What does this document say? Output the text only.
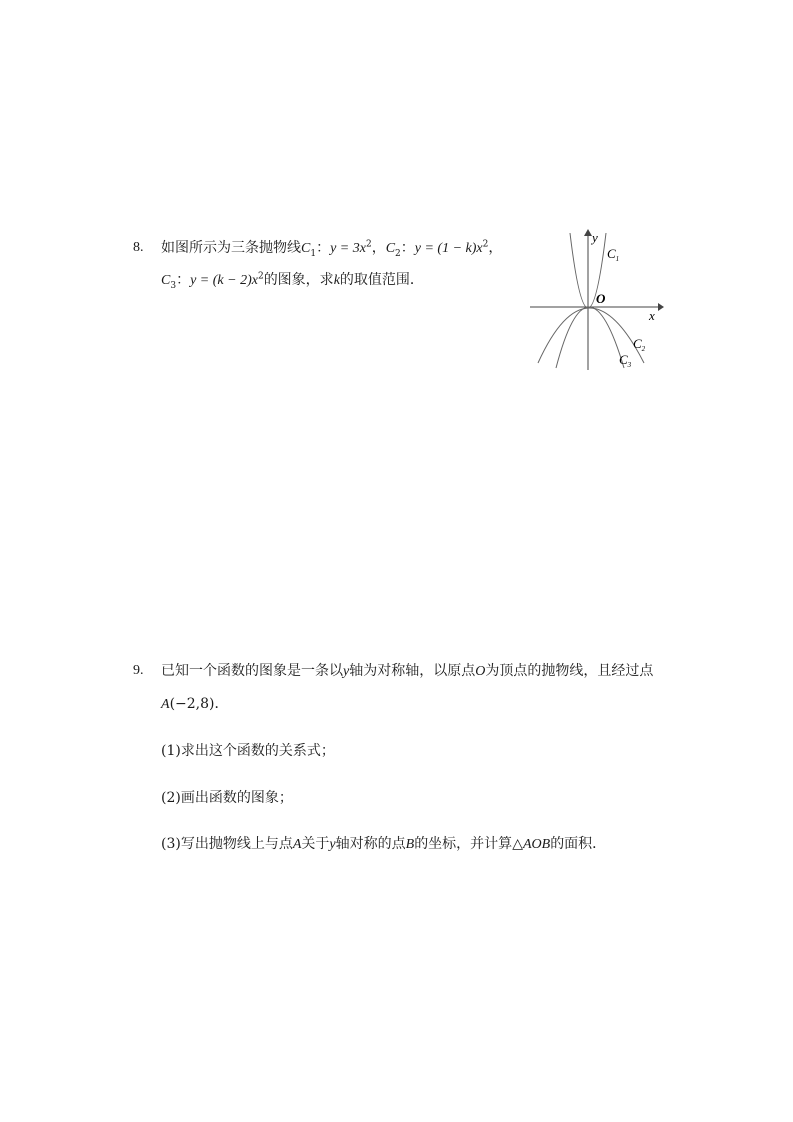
8. 如图所示为三条抛物线$C_1$：$y = 3x^2$，$C_2$：$y = (1 - k)x^2$，
$C_3$：$y = (k - 2)x^2$的图象，求k的取值范围．
y
x
O
$C_1$
$C_2$
$C_3$
9. 已知一个函数的图象是一条以y轴为对称轴，以原点O为顶点的抛物线，且经过点
A(−2,8)．
(1)求出这个函数的关系式；
(2)画出函数的图象；
(3)写出抛物线上与点A关于y轴对称的点B的坐标，并计算△AOB的面积．
